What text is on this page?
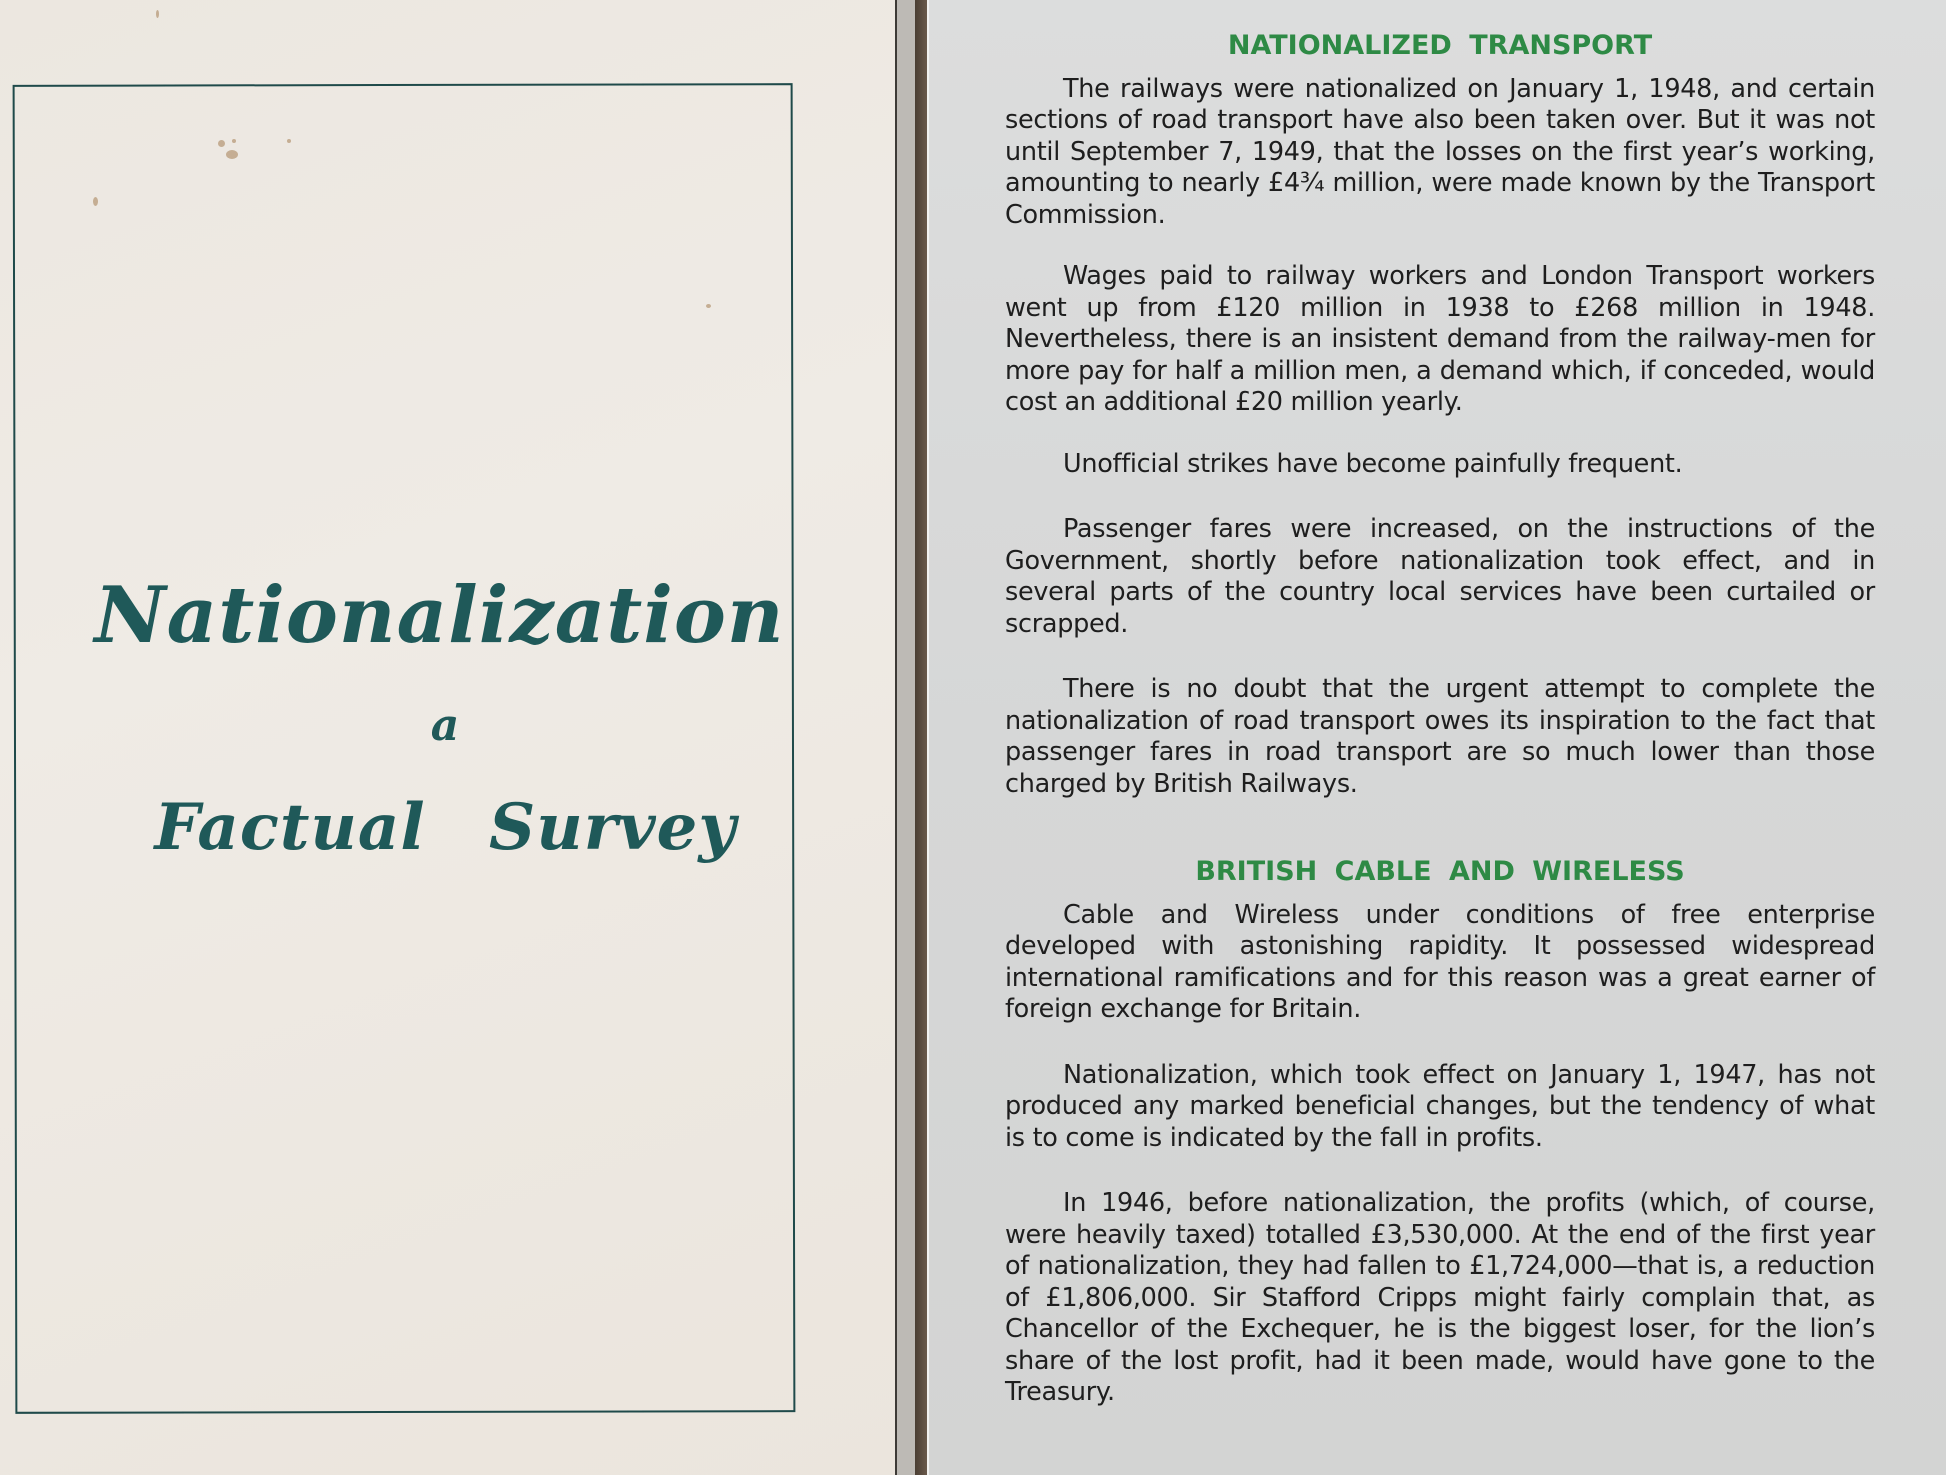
Nationalization
a
Factual Survey
NATIONALIZED TRANSPORT

The railways were nationalized on January 1, 1948, and certain sections of road transport have also been taken over. But it was not until September 7, 1949, that the losses on the first year’s working, amounting to nearly £4¾ million, were made known by the Transport Commission.

Wages paid to railway workers and London Transport workers went up from £120 million in 1938 to £268 million in 1948. Nevertheless, there is an insistent demand from the railway-men for more pay for half a million men, a demand which, if conceded, would cost an additional £20 million yearly.

Unofficial strikes have become painfully frequent.

Passenger fares were increased, on the instructions of the Government, shortly before nationalization took effect, and in several parts of the country local services have been curtailed or scrapped.

There is no doubt that the urgent attempt to complete the nationalization of road transport owes its inspiration to the fact that passenger fares in road transport are so much lower than those charged by British Railways.

BRITISH CABLE AND WIRELESS

Cable and Wireless under conditions of free enterprise developed with astonishing rapidity. It possessed widespread international ramifications and for this reason was a great earner of foreign exchange for Britain.

Nationalization, which took effect on January 1, 1947, has not produced any marked beneficial changes, but the tendency of what is to come is indicated by the fall in profits.

In 1946, before nationalization, the profits (which, of course, were heavily taxed) totalled £3,530,000. At the end of the first year of nationalization, they had fallen to £1,724,000—that is, a reduction of £1,806,000. Sir Stafford Cripps might fairly complain that, as Chancellor of the Exchequer, he is the biggest loser, for the lion’s share of the lost profit, had it been made, would have gone to the Treasury.
